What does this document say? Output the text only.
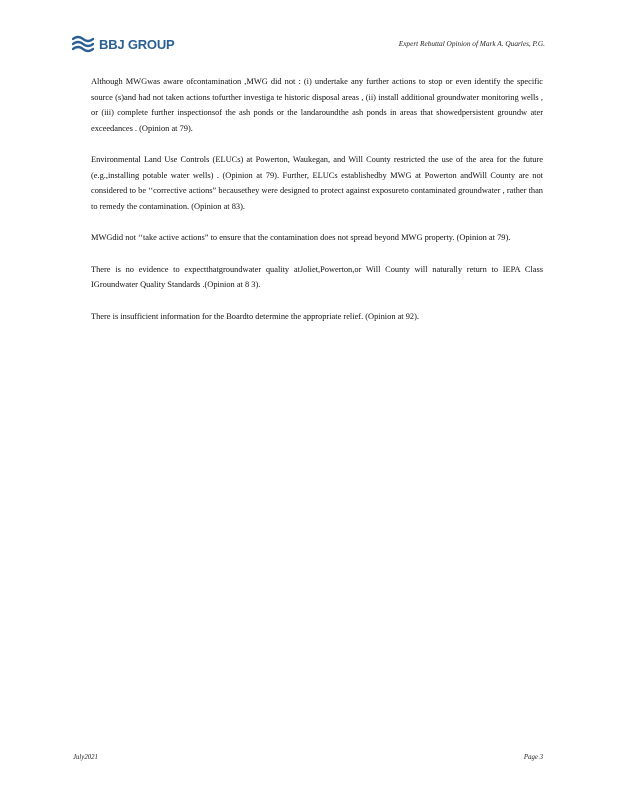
BBJ GROUP	Expert Rebuttal Opinion of Mark A. Quarles, P.G.
Although MWGwas aware ofcontamination ,MWG did not : (i) undertake any further actions to stop or even identify the specific source (s)and had not taken actions tofurther investiga te historic disposal areas , (ii) install additional groundwater monitoring wells , or (iii) complete further inspectionsof the ash ponds or the landaroundthe ash ponds in areas that showedpersistent groundw ater exceedances . (Opinion at 79).
Environmental Land Use Controls (ELUCs) at Powerton, Waukegan, and Will County restricted the use of the area for the future (e.g.,installing potable water wells) . (Opinion at 79). Further, ELUCs establishedby MWG at Powerton andWill County are not considered to be ‘‘corrective actions” becausethey were designed to protect against exposureto contaminated groundwater , rather than to remedy the contamination. (Opinion at 83).
MWGdid not ‘‘take active actions” to ensure that the contamination does not spread beyond MWG property. (Opinion at 79).
There is no evidence to expectthatgroundwater quality atJoliet,Powerton,or Will County will naturally return to IEPA Class IGroundwater Quality Standards .(Opinion at 8 3).
There is insufficient information for the Boardto determine the appropriate relief. (Opinion at 92).
July2021	Page 3
